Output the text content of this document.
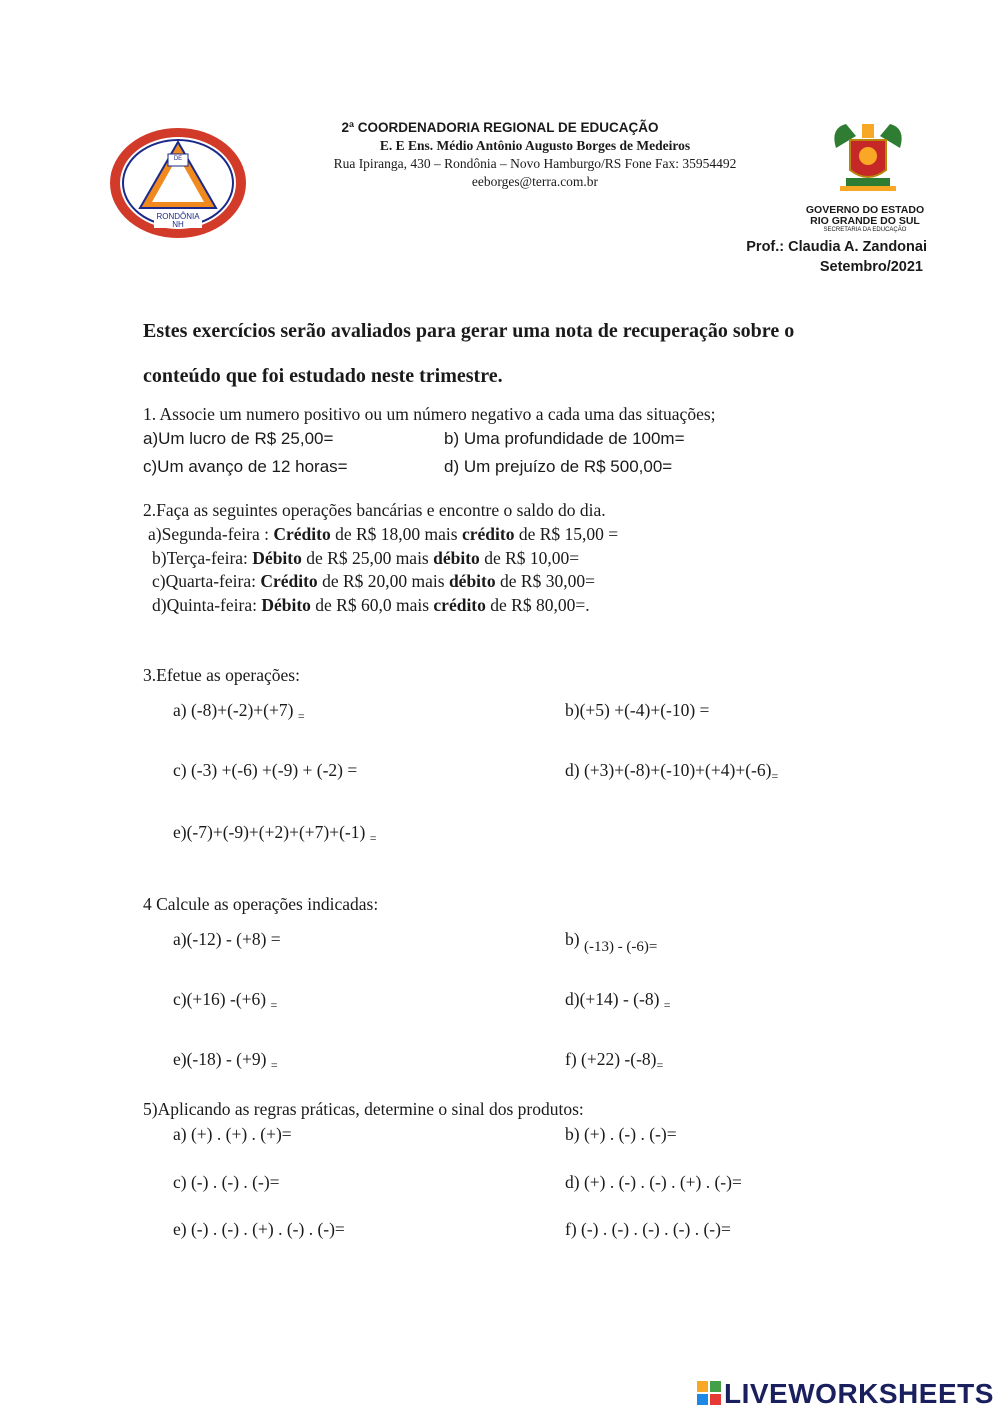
DE
RONDÔNIA
NH
2ª COORDENADORIA REGIONAL DE EDUCAÇÃO
E. E Ens. Médio Antônio Augusto Borges de Medeiros
Rua Ipiranga, 430 – Rondônia – Novo Hamburgo/RS Fone Fax: 35954492
eeborges@terra.com.br
GOVERNO DO ESTADO
RIO GRANDE DO SUL
SECRETARIA DA EDUCAÇÃO
Prof.: Claudia A. Zandonai
Setembro/2021
Estes exercícios serão avaliados para gerar uma nota de recuperação sobre o
conteúdo que foi estudado neste trimestre.
1. Associe um numero positivo ou um número negativo a cada uma das situações;
a)Um lucro de R$ 25,00=	b) Uma profundidade de 100m=
c)Um avanço de 12 horas=	d) Um prejuízo de R$ 500,00=
2.Faça as seguintes operações bancárias e encontre o saldo do dia.
a)Segunda-feira : Crédito de R$ 18,00 mais crédito de R$ 15,00 =
b)Terça-feira: Débito de R$ 25,00 mais débito de R$ 10,00=
c)Quarta-feira: Crédito de R$ 20,00 mais débito de R$ 30,00=
d)Quinta-feira: Débito de R$ 60,0 mais crédito de R$ 80,00=.
3.Efetue as operações:
a) (-8)+(-2)+(+7) $_=$	b)(+5) +(-4)+(-10) =
c) (-3) +(-6) +(-9) + (-2) =	d) $(+3)+(-8)+(-10)+(+4)+(-6)_=$
e)(-7)+(-9)+(+2)+(+7)+(-1) $_=$
4 Calcule as operações indicadas:
a)(-12) - (+8) =	b) (-13) - (-6)=
c)(+16) -(+6) $_=$	d)(+14) - (-8) $_=$
e)(-18) - (+9) $_=$	f) (+22) $-(-8)_=$
5)Aplicando as regras práticas, determine o sinal dos produtos:
a) (+) . (+) . (+)=	b) (+) . (-) . (-)=
c) (-) . (-) . (-)=	d) (+) . (-) . (-) . (+) . (-)=
e) (-) . (-) . (+) . (-) . (-)=	f) (-) . (-) . (-) . (-) . (-)=
LIVEWORKSHEETS
